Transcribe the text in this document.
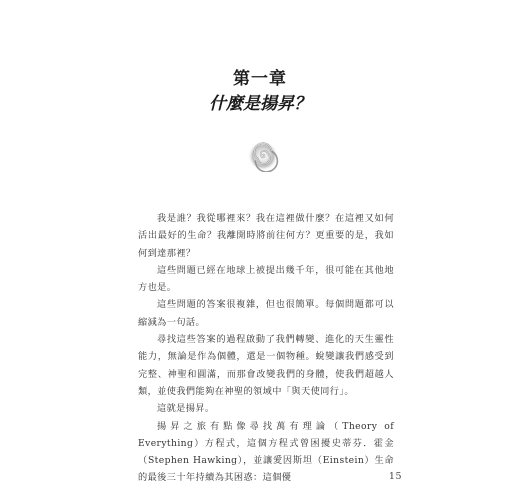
第一章
什麼是揚昇？

我是誰？我從哪裡來？我在這裡做什麼？在這裡又如何活出最好的生命？我離開時將前往何方？更重要的是，我如何到達那裡？

這些問題已經在地球上被提出幾千年，很可能在其他地方也是。

這些問題的答案很複雜，但也很簡單。每個問題都可以縮減為一句話。

尋找這些答案的過程啟動了我們轉變、進化的天生靈性能力，無論是作為個體，還是一個物種。蛻變讓我們感受到完整、神聖和圓滿，而那會改變我們的身體，使我們超越人類，並使我們能夠在神聖的領域中「與天使同行」。

這就是揚昇。

揚昇之旅有點像尋找萬有理論（Theory of Everything）方程式，這個方程式曾困擾史蒂芬．霍金（Stephen Hawking），並讓愛因斯坦（Einstein）生命的最後三十年持續為其困惑：這個優	15
